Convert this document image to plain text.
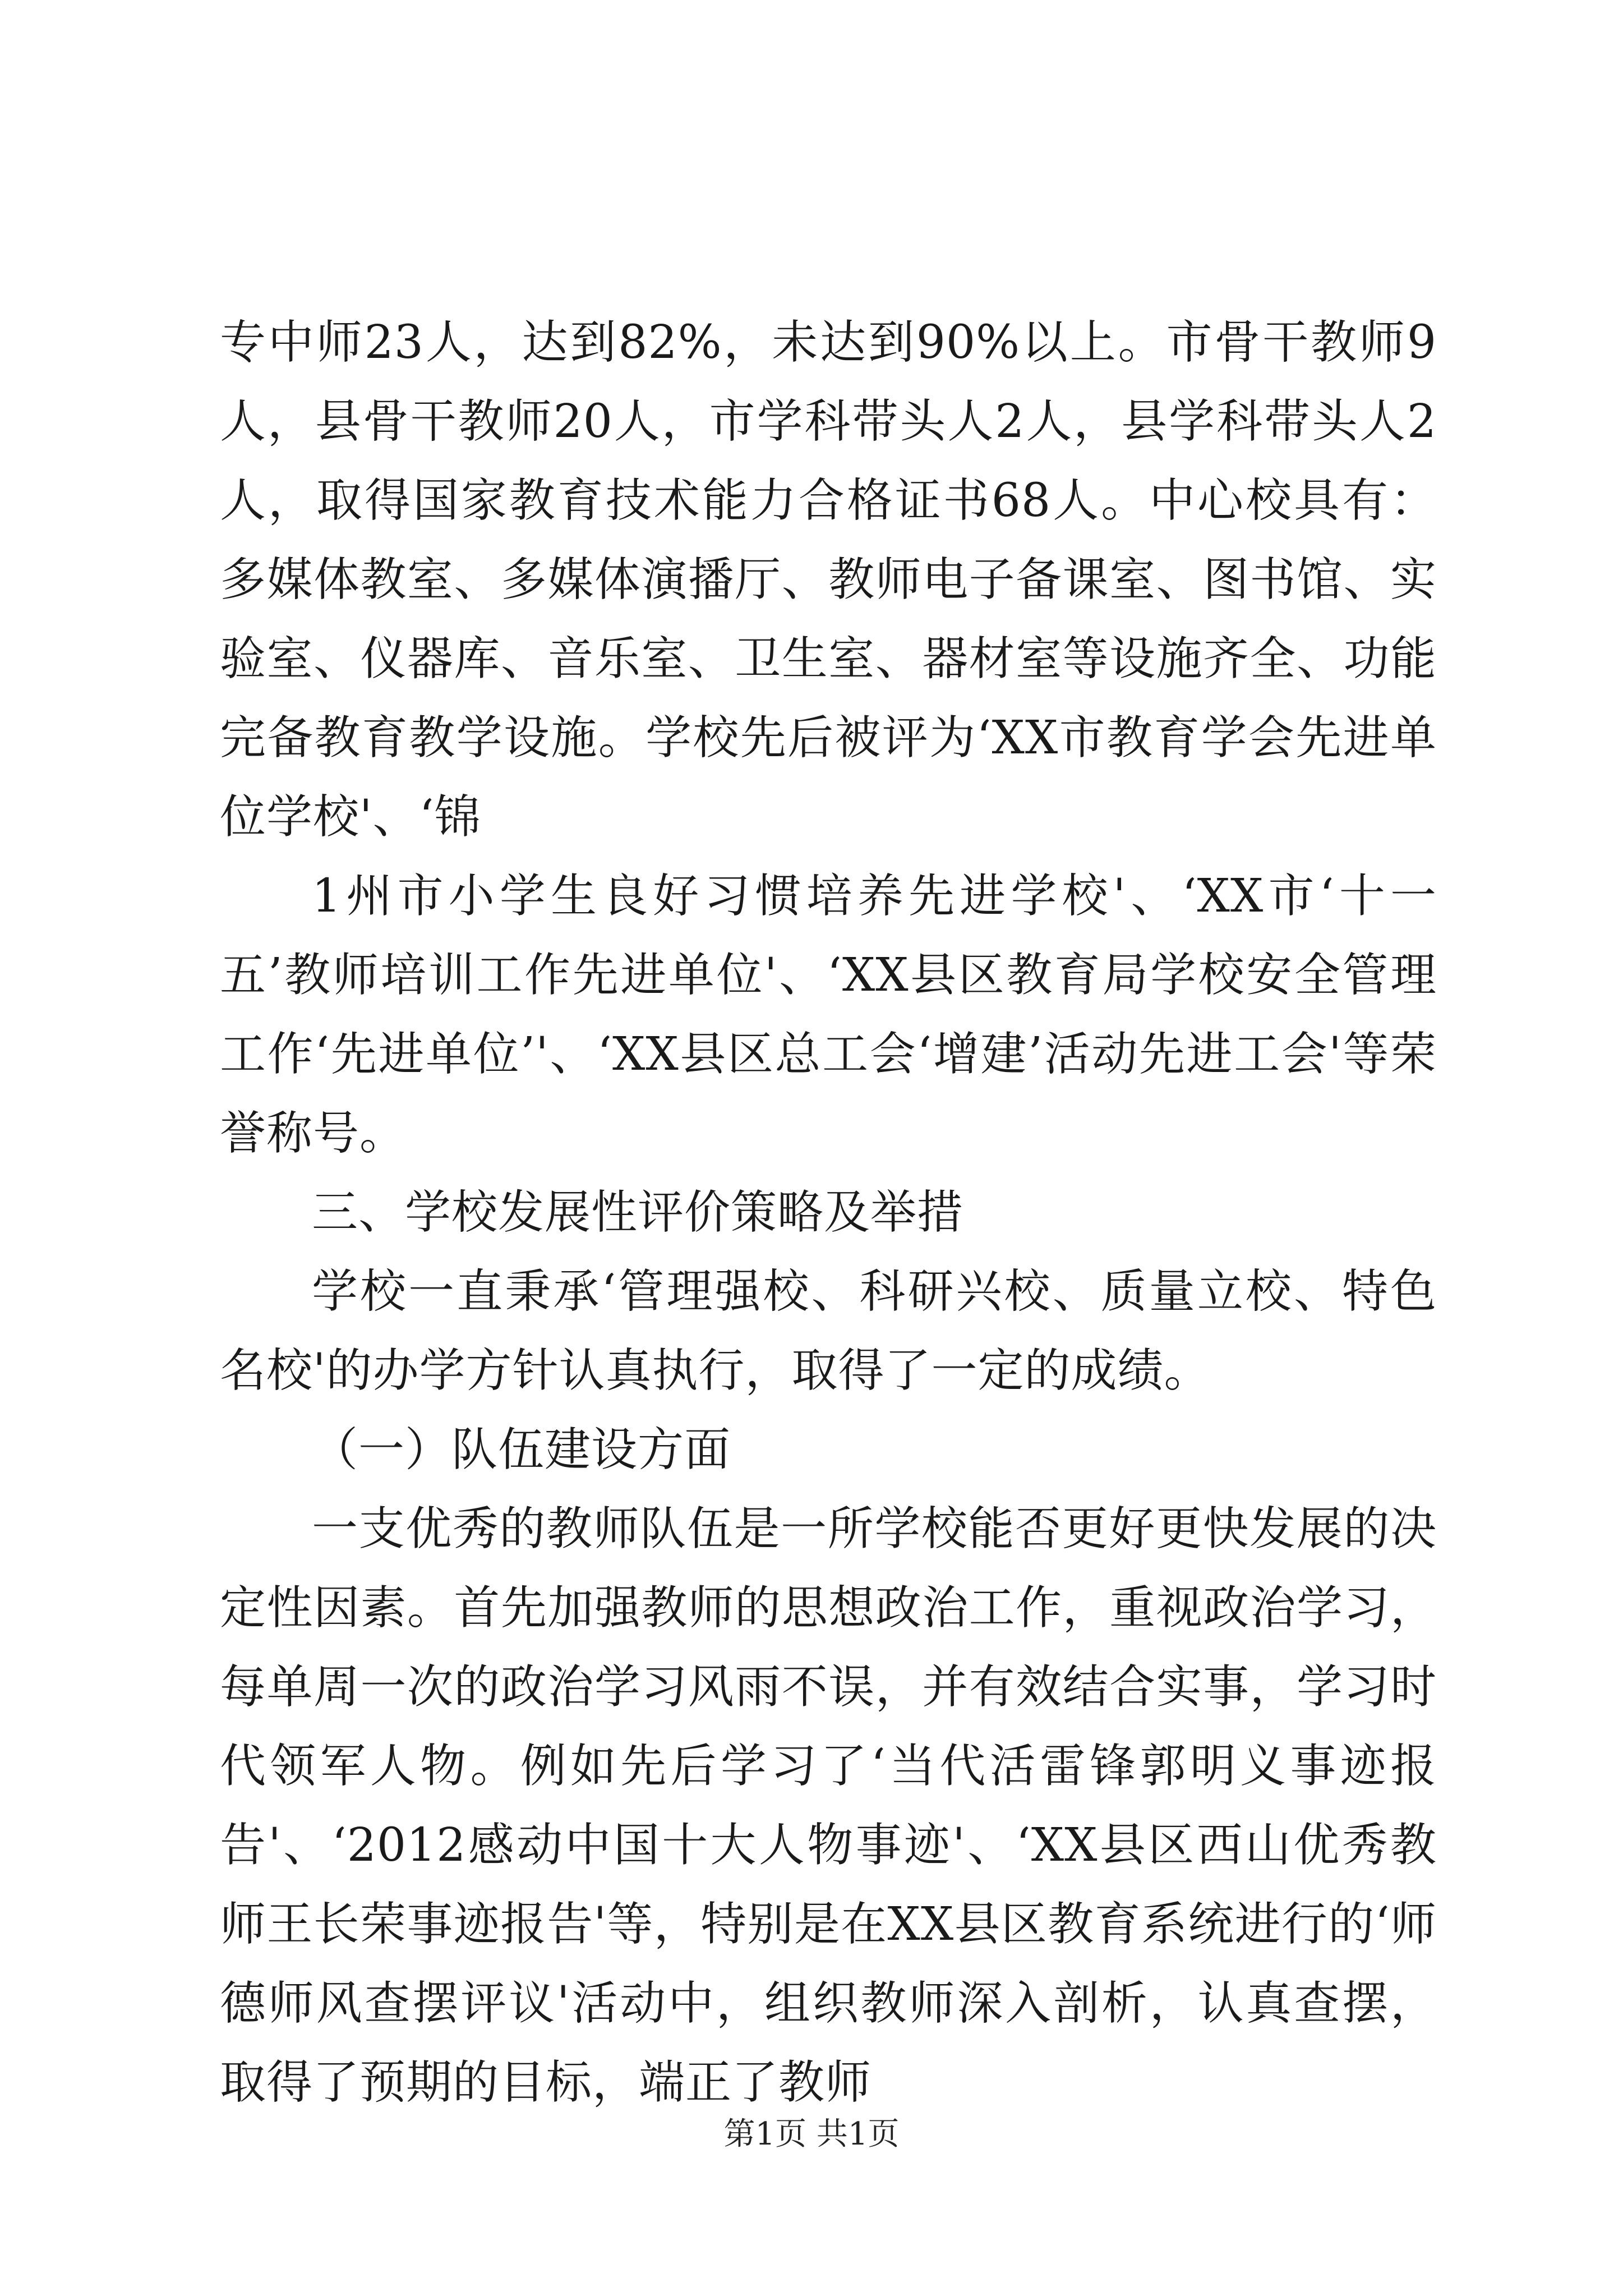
专中师23人，达到82%，未达到90%以上。市骨干教师9人，县骨干教师20人，市学科带头人2人，县学科带头人2人，取得国家教育技术能力合格证书68人。中心校具有：多媒体教室、多媒体演播厅、教师电子备课室、图书馆、实验室、仪器库、音乐室、卫生室、器材室等设施齐全、功能完备教育教学设施。学校先后被评为‘XX市教育学会先进单位学校'、‘锦

1州市小学生良好习惯培养先进学校'、‘XX市‘十一五’教师培训工作先进单位'、‘XX县区教育局学校安全管理工作‘先进单位’'、‘XX县区总工会‘增建’活动先进工会'等荣誉称号。

三、学校发展性评价策略及举措

学校一直秉承‘管理强校、科研兴校、质量立校、特色名校'的办学方针认真执行，取得了一定的成绩。

（一）队伍建设方面

一支优秀的教师队伍是一所学校能否更好更快发展的决定性因素。首先加强教师的思想政治工作，重视政治学习，每单周一次的政治学习风雨不误，并有效结合实事，学习时代领军人物。例如先后学习了‘当代活雷锋郭明义事迹报告'、‘2012感动中国十大人物事迹'、‘XX县区西山优秀教师王长荣事迹报告'等，特别是在XX县区教育系统进行的‘师德师风查摆评议'活动中，组织教师深入剖析，认真查摆，取得了预期的目标，端正了教师

第1页 共1页
